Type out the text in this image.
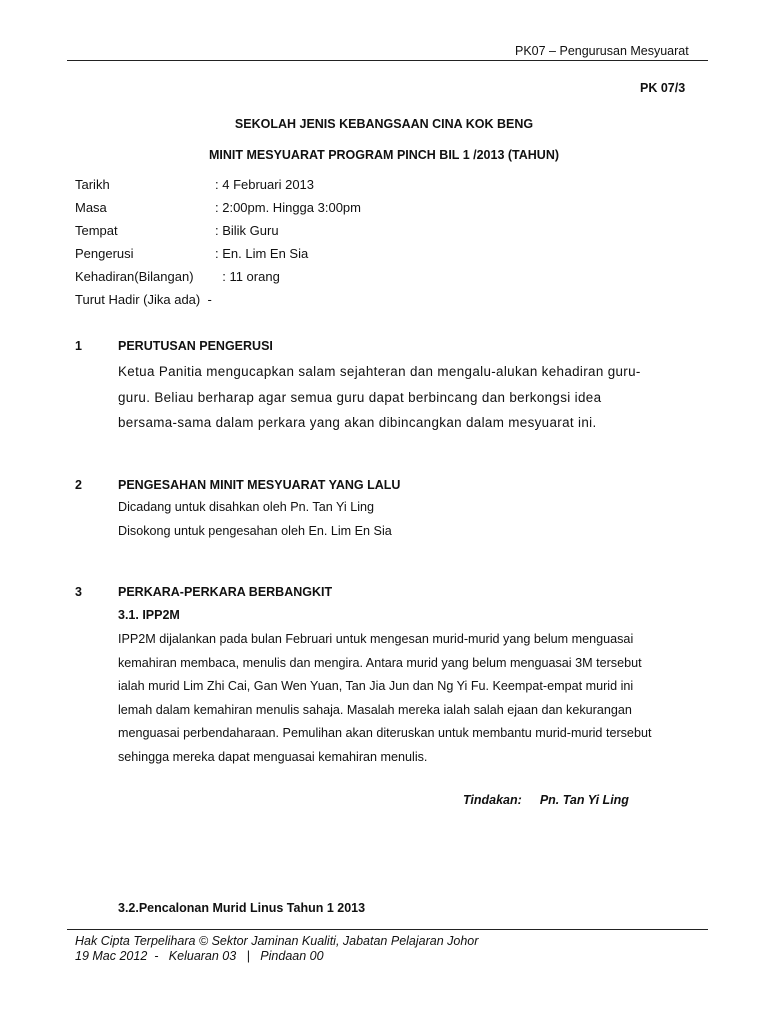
PK07 – Pengurusan Mesyuarat
PK 07/3
SEKOLAH JENIS KEBANGSAAN CINA KOK BENG
MINIT MESYUARAT PROGRAM PINCH BIL 1 /2013 (TAHUN)
Tarikh	: 4 Februari 2013
Masa	: 2:00pm. Hingga 3:00pm
Tempat	: Bilik Guru
Pengerusi	: En. Lim En Sia
Kehadiran(Bilangan)  : 11 orang
Turut Hadir (Jika ada)  -
1	PERUTUSAN PENGERUSI
Ketua Panitia mengucapkan salam sejahteran dan mengalu-alukan kehadiran guru-guru. Beliau berharap agar semua guru dapat berbincang dan berkongsi idea bersama-sama dalam perkara yang akan dibincangkan dalam mesyuarat ini.
2	PENGESAHAN MINIT MESYUARAT YANG LALU
Dicadang untuk disahkan oleh Pn. Tan Yi Ling
Disokong untuk pengesahan oleh En. Lim En Sia
3	PERKARA-PERKARA BERBANGKIT
3.1. IPP2M
IPP2M dijalankan pada bulan Februari untuk mengesan murid-murid yang belum menguasai kemahiran membaca, menulis dan mengira. Antara murid yang belum menguasai 3M tersebut ialah murid Lim Zhi Cai, Gan Wen Yuan, Tan Jia Jun dan Ng Yi Fu. Keempat-empat murid ini lemah dalam kemahiran menulis sahaja. Masalah mereka ialah salah ejaan dan kekurangan menguasai perbendaharaan. Pemulihan akan diteruskan untuk membantu murid-murid tersebut sehingga mereka dapat menguasai kemahiran menulis.
Tindakan: Pn. Tan Yi Ling
3.2.Pencalonan Murid Linus Tahun 1 2013
Hak Cipta Terpelihara © Sektor Jaminan Kualiti, Jabatan Pelajaran Johor
19 Mac 2012  -   Keluaran 03   |   Pindaan 00
